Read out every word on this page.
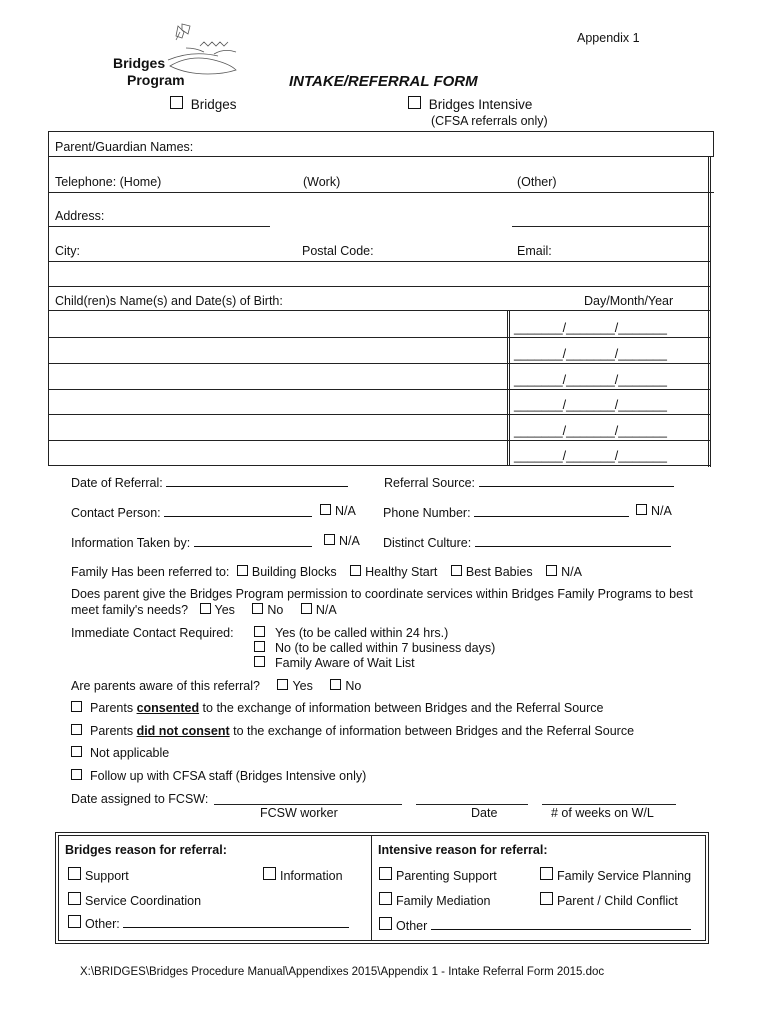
Appendix 1
Bridges
Program	INTAKE/REFERRAL FORM
Bridges	Bridges Intensive
(CFSA referrals only)
Parent/Guardian Names:
Telephone: (Home)	(Work)	(Other)
Address:
City:	Postal Code:	Email:
Child(ren)s Name(s) and Date(s) of Birth:	Day/Month/Year
_______/_______/_______
_______/_______/_______
_______/_______/_______
_______/_______/_______
_______/_______/_______
_______/_______/_______
Date of Referral:	Referral Source:
Contact Person:	N/A Phone Number:	N/A
Information Taken by:	N/A Distinct Culture:
Family Has been referred to: Building Blocks Healthy Start Best Babies N/A
Does parent give the Bridges Program permission to coordinate services within Bridges Family Programs to best
meet family's needs? Yes	No	N/A
Immediate Contact Required:	Yes (to be called within 24 hrs.)
No (to be called within 7 business days)
Family Aware of Wait List
Are parents aware of this referral?	Yes	No
Parents consented to the exchange of information between Bridges and the Referral Source
Parents did not consent to the exchange of information between Bridges and the Referral Source
Not applicable
Follow up with CFSA staff (Bridges Intensive only)
Date assigned to FCSW:
FCSW worker	Date	# of weeks on W/L
Bridges reason for referral:
Support	Information
Service Coordination
Other:
Intensive reason for referral:
Parenting Support	Family Service Planning
Family Mediation	Parent / Child Conflict
Other
X:\BRIDGES\Bridges Procedure Manual\Appendixes 2015\Appendix 1 - Intake Referral Form 2015.doc
